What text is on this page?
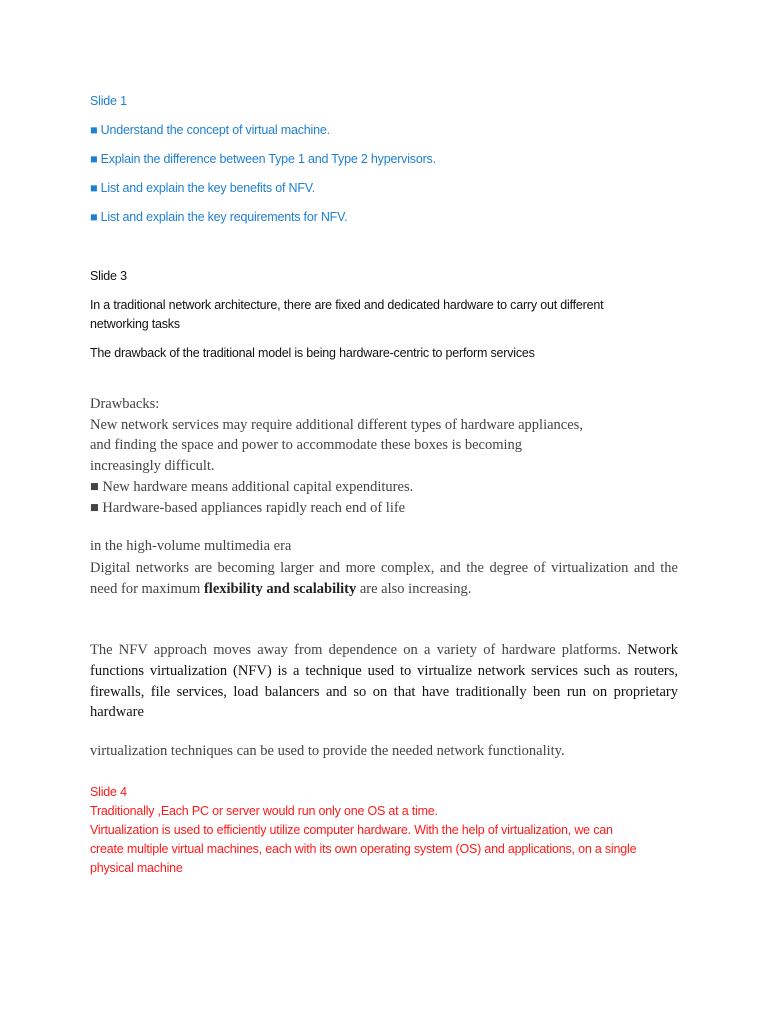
Slide 1

■ Understand the concept of virtual machine.

■ Explain the difference between Type 1 and Type 2 hypervisors.

■ List and explain the key benefits of NFV.

■ List and explain the key requirements for NFV.

Slide 3

In a traditional network architecture, there are fixed and dedicated hardware to carry out different

networking tasks

The drawback of the traditional model is being hardware-centric to perform services

Drawbacks:
New network services may require additional different types of hardware appliances,
and finding the space and power to accommodate these boxes is becoming
increasingly difficult.
■ New hardware means additional capital expenditures.
■ Hardware-based appliances rapidly reach end of life

in the high-volume multimedia era

Digital networks are becoming larger and more complex, and the degree of virtualization and the need for maximum flexibility and scalability are also increasing.

The NFV approach moves away from dependence on a variety of hardware platforms. Network functions virtualization (NFV) is a technique used to virtualize network services such as routers, firewalls, file services, load balancers and so on that have traditionally been run on proprietary hardware

virtualization techniques can be used to provide the needed network functionality.

Slide 4
Traditionally ,Each PC or server would run only one OS at a time.
Virtualization is used to efficiently utilize computer hardware. With the help of virtualization, we can
create multiple virtual machines, each with its own operating system (OS) and applications, on a single
physical machine
